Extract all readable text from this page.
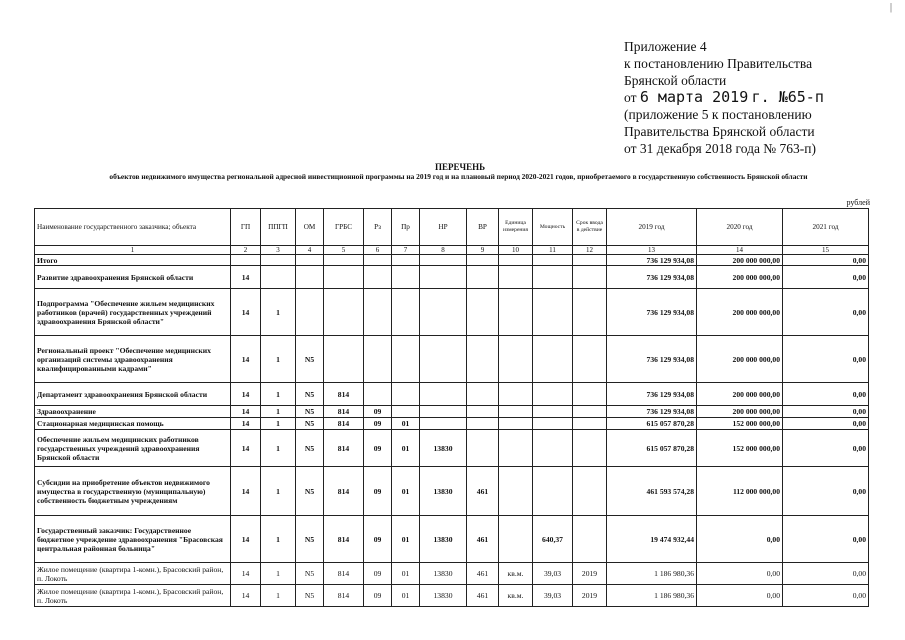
|
Приложение 4
к постановлению Правительства
Брянской области
от 6 марта 2019 г. №65-п
(приложение 5 к постановлению
Правительства Брянской области
от 31 декабря 2018 года № 763-п)
ПЕРЕЧЕНЬ
объектов недвижимого имущества региональной адресной инвестиционной программы на 2019 год и на плановый период 2020-2021 годов, приобретаемого в государственную собственность Брянской области
рублей
Наименование государственного заказчика; объекта	ГП	ППГП	ОМ	ГРБС	Рз	Пр	НР	ВР	Единица измерения	Мощность	Срок ввода в действие	2019 год	2020 год	2021 год
1	2	3	4	5	6	7	8	9	10	11	12	13	14	15
Итого												736 129 934,08	200 000 000,00	0,00
Развитие здравоохранения Брянской области	14											736 129 934,08	200 000 000,00	0,00
Подпрограмма "Обеспечение жильем медицинских работников (врачей) государственных учреждений здравоохранения Брянской области"	14	1										736 129 934,08	200 000 000,00	0,00
Региональный проект "Обеспечение медицинских организаций системы здравоохранения квалифицированными кадрами"	14	1	N5									736 129 934,08	200 000 000,00	0,00
Департамент здравоохранения Брянской области	14	1	N5	814								736 129 934,08	200 000 000,00	0,00
Здравоохранение	14	1	N5	814	09							736 129 934,08	200 000 000,00	0,00
Стационарная медицинская помощь	14	1	N5	814	09	01						615 057 870,28	152 000 000,00	0,00
Обеспечение жильем медицинских работников государственных учреждений здравоохранения Брянской области	14	1	N5	814	09	01	13830					615 057 870,28	152 000 000,00	0,00
Субсидии на приобретение объектов недвижимого имущества в государственную (муниципальную) собственность бюджетным учреждениям	14	1	N5	814	09	01	13830	461				461 593 574,28	112 000 000,00	0,00
Государственный заказчик: Государственное бюджетное учреждение здравоохранения "Брасовская центральная районная больница"	14	1	N5	814	09	01	13830	461		640,37		19 474 932,44	0,00	0,00
Жилое помещение (квартира 1-комн.), Брасовский район, п. Локоть	14	1	N5	814	09	01	13830	461	кв.м.	39,03	2019	1 186 980,36	0,00	0,00
Жилое помещение (квартира 1-комн.), Брасовский район, п. Локоть	14	1	N5	814	09	01	13830	461	кв.м.	39,03	2019	1 186 980,36	0,00	0,00
